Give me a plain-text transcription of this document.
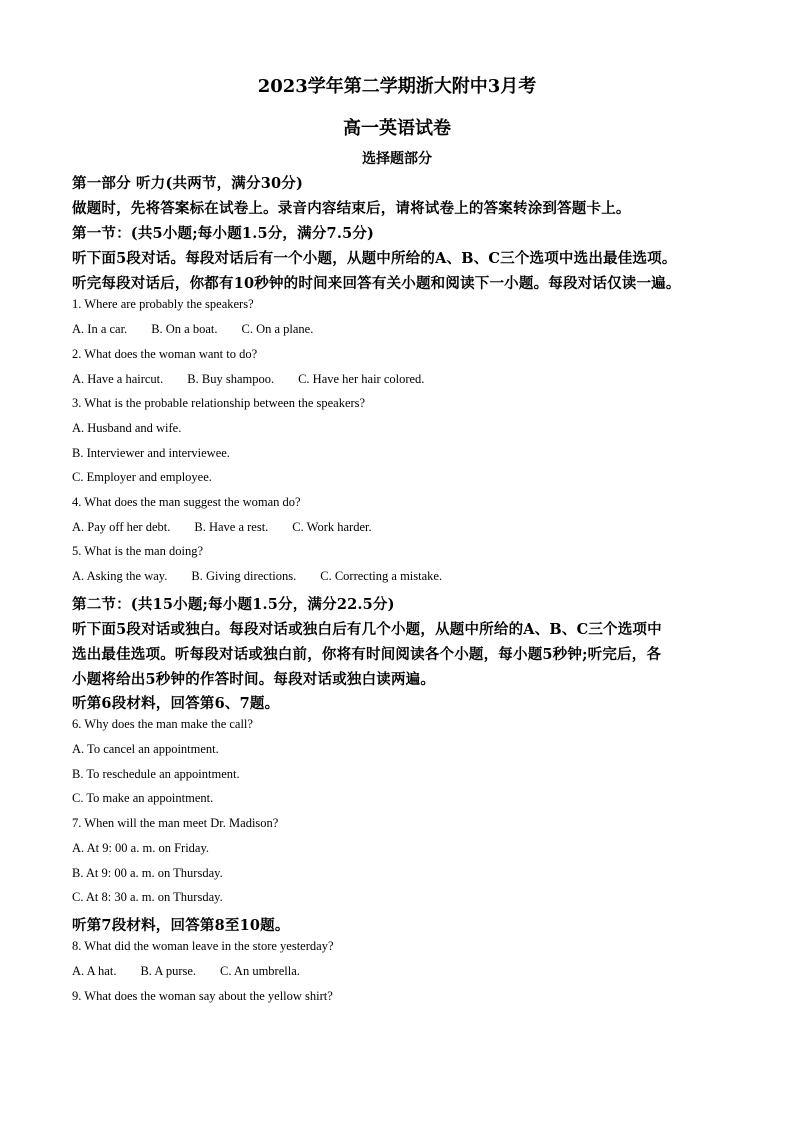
2023学年第二学期浙大附中3月考
高一英语试卷
选择题部分
第一部分 听力(共两节，满分30分)
做题时，先将答案标在试卷上。录音内容结束后，请将试卷上的答案转涂到答题卡上。
第一节：(共5小题;每小题1.5分，满分7.5分)
听下面5段对话。每段对话后有一个小题，从题中所给的A、B、C三个选项中选出最佳选项。
听完每段对话后，你都有10秒钟的时间来回答有关小题和阅读下一小题。每段对话仅读一遍。
1. Where are probably the speakers?
A. In a car. B. On a boat. C. On a plane.
2. What does the woman want to do?
A. Have a haircut. B. Buy shampoo. C. Have her hair colored.
3. What is the probable relationship between the speakers?
A. Husband and wife.
B. Interviewer and interviewee.
C. Employer and employee.
4. What does the man suggest the woman do?
A. Pay off her debt. B. Have a rest. C. Work harder.
5. What is the man doing?
A. Asking the way. B. Giving directions. C. Correcting a mistake.
第二节：(共15小题;每小题1.5分，满分22.5分)
听下面5段对话或独白。每段对话或独白后有几个小题，从题中所给的A、B、C三个选项中
选出最佳选项。听每段对话或独白前，你将有时间阅读各个小题，每小题5秒钟;听完后，各
小题将给出5秒钟的作答时间。每段对话或独白读两遍。
听第6段材料，回答第6、7题。
6. Why does the man make the call?
A. To cancel an appointment.
B. To reschedule an appointment.
C. To make an appointment.
7. When will the man meet Dr. Madison?
A. At 9: 00 a. m. on Friday.
B. At 9: 00 a. m. on Thursday.
C. At 8: 30 a. m. on Thursday.
听第7段材料，回答第8至10题。
8. What did the woman leave in the store yesterday?
A. A hat. B. A purse. C. An umbrella.
9. What does the woman say about the yellow shirt?
